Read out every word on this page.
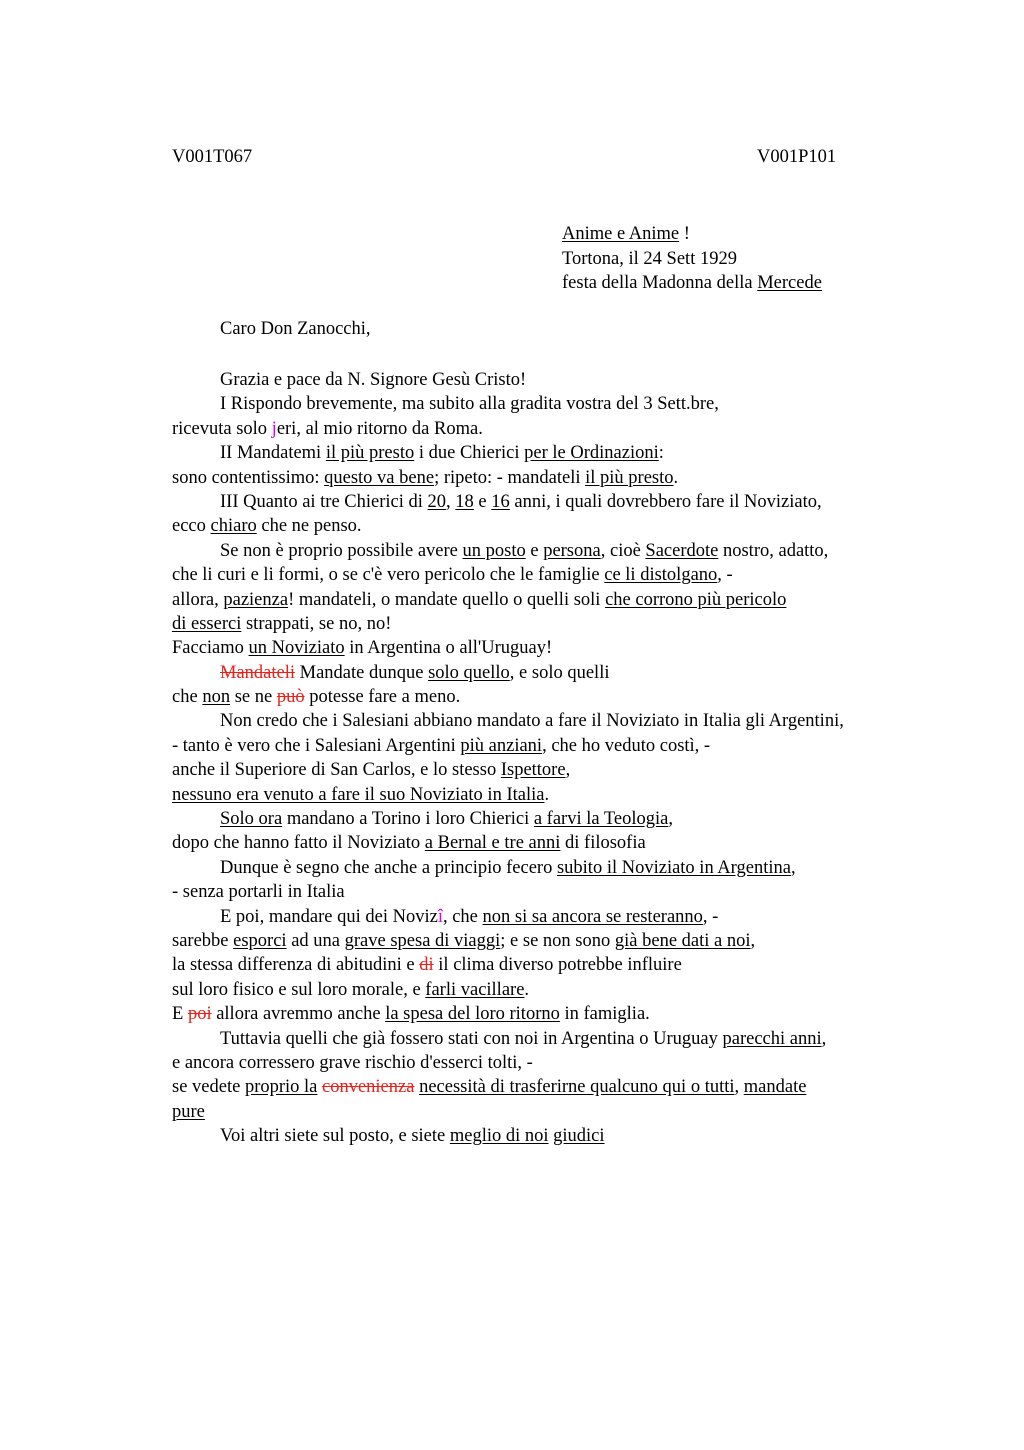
V001T067	V001P101
Anime e Anime !
Tortona, il 24 Sett 1929
festa della Madonna della Mercede
Caro Don Zanocchi,
Grazia e pace da N. Signore Gesù Cristo!
I Rispondo brevemente, ma subito alla gradita vostra del 3 Sett.bre,
ricevuta solo jeri, al mio ritorno da Roma.
II Mandatemi il più presto i due Chierici per le Ordinazioni:
sono contentissimo: questo va bene; ripeto: - mandateli il più presto.
III Quanto ai tre Chierici di 20, 18 e 16 anni, i quali dovrebbero fare il Noviziato,
ecco chiaro che ne penso.
Se non è proprio possibile avere un posto e persona, cioè Sacerdote nostro, adatto,
che li curi e li formi, o se c'è vero pericolo che le famiglie ce li distolgano, -
allora, pazienza! mandateli, o mandate quello o quelli soli che corrono più pericolo
di esserci strappati, se no, no!
Facciamo un Noviziato in Argentina o all'Uruguay!
Mandateli Mandate dunque solo quello, e solo quelli
che non se ne può potesse fare a meno.
Non credo che i Salesiani abbiano mandato a fare il Noviziato in Italia gli Argentini,
- tanto è vero che i Salesiani Argentini più anziani, che ho veduto costì, -
anche il Superiore di San Carlos, e lo stesso Ispettore,
nessuno era venuto a fare il suo Noviziato in Italia.
Solo ora mandano a Torino i loro Chierici a farvi la Teologia,
dopo che hanno fatto il Noviziato a Bernal e tre anni di filosofia
Dunque è segno che anche a principio fecero subito il Noviziato in Argentina,
- senza portarli in Italia
E poi, mandare qui dei Novizî, che non si sa ancora se resteranno, -
sarebbe esporci ad una grave spesa di viaggi; e se non sono già bene dati a noi,
la stessa differenza di abitudini e di il clima diverso potrebbe influire
sul loro fisico e sul loro morale, e farli vacillare.
E poi allora avremmo anche la spesa del loro ritorno in famiglia.
Tuttavia quelli che già fossero stati con noi in Argentina o Uruguay parecchi anni,
e ancora corressero grave rischio d'esserci tolti, -
se vedete proprio la convenienza necessità di trasferirne qualcuno qui o tutti, mandate
pure
Voi altri siete sul posto, e siete meglio di noi giudici
